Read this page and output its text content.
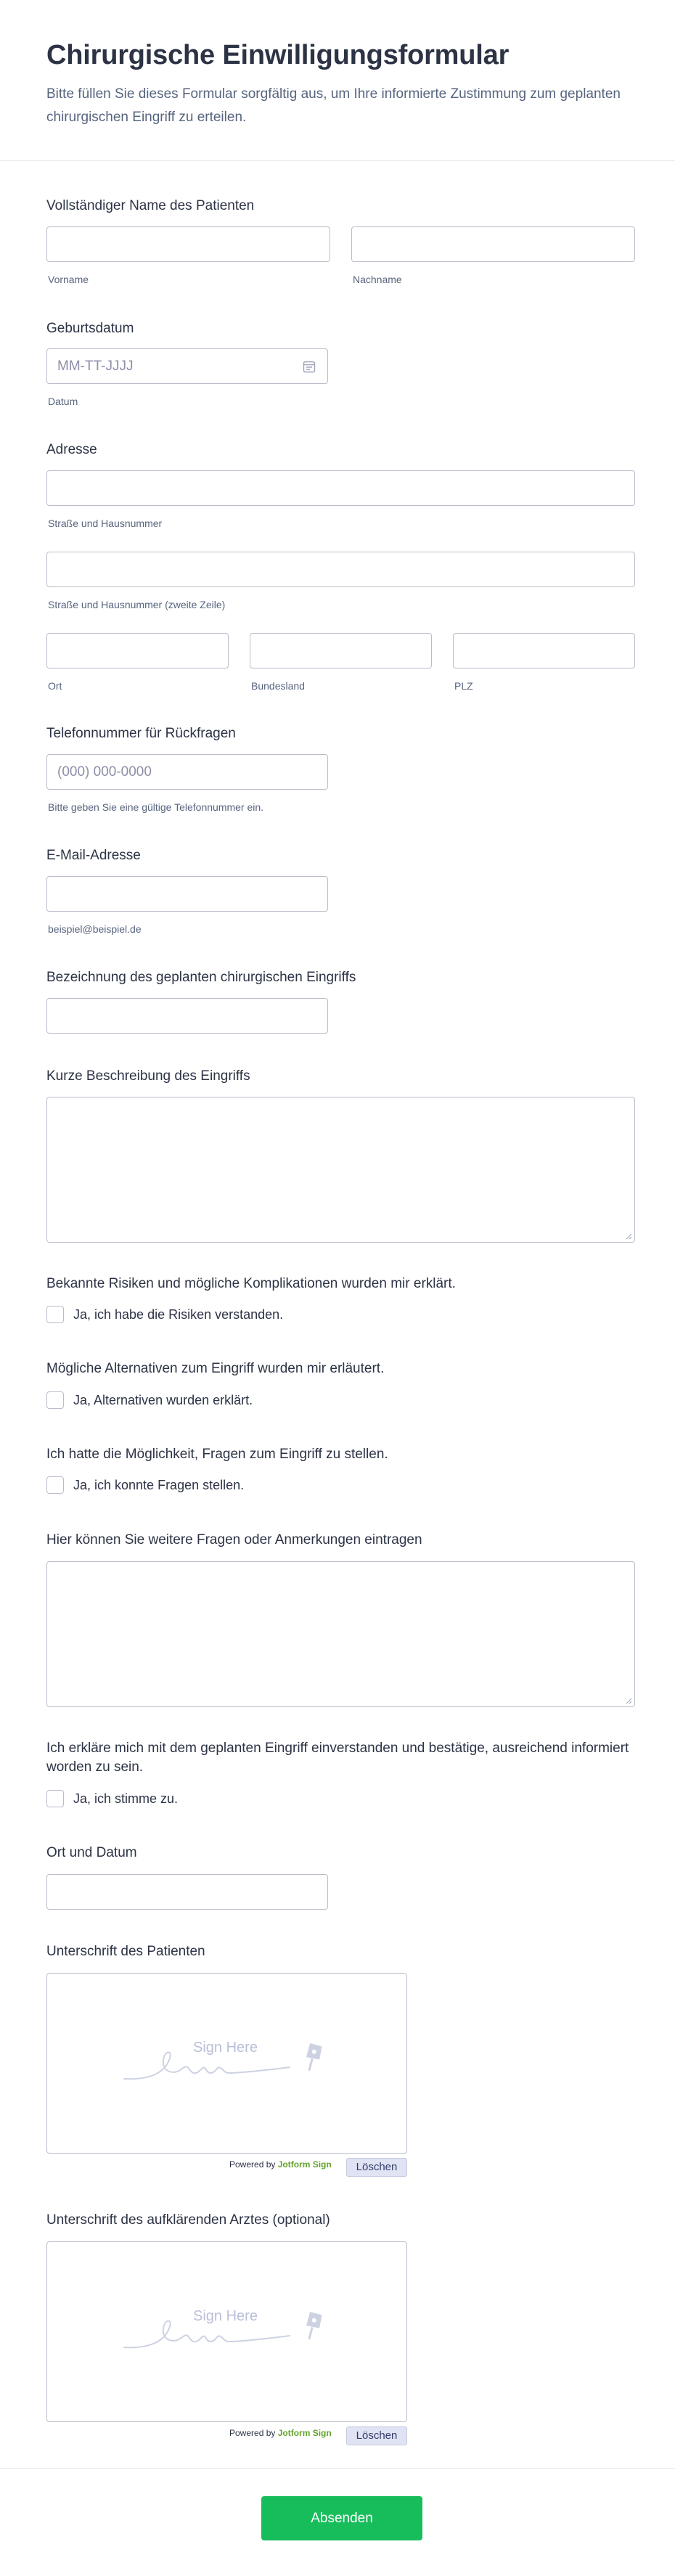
Chirurgische Einwilligungsformular

Bitte füllen Sie dieses Formular sorgfältig aus, um Ihre informierte Zustimmung zum geplanten chirurgischen Eingriff zu erteilen.

Vollständiger Name des Patienten
Vorname	Nachname
Geburtsdatum
MM-TT-JJJJ
Datum
Adresse
Straße und Hausnummer
Straße und Hausnummer (zweite Zeile)
Ort	Bundesland	PLZ
Telefonnummer für Rückfragen
(000) 000-0000
Bitte geben Sie eine gültige Telefonnummer ein.
E-Mail-Adresse
beispiel@beispiel.de
Bezeichnung des geplanten chirurgischen Eingriffs
Kurze Beschreibung des Eingriffs
Bekannte Risiken und mögliche Komplikationen wurden mir erklärt.
Ja, ich habe die Risiken verstanden.
Mögliche Alternativen zum Eingriff wurden mir erläutert.
Ja, Alternativen wurden erklärt.
Ich hatte die Möglichkeit, Fragen zum Eingriff zu stellen.
Ja, ich konnte Fragen stellen.
Hier können Sie weitere Fragen oder Anmerkungen eintragen
Ich erkläre mich mit dem geplanten Eingriff einverstanden und bestätige, ausreichend informiert worden zu sein.
Ja, ich stimme zu.
Ort und Datum
Unterschrift des Patienten
Sign Here
Powered by Jotform Sign	Löschen
Unterschrift des aufklärenden Arztes (optional)
Sign Here
Powered by Jotform Sign	Löschen
Absenden
